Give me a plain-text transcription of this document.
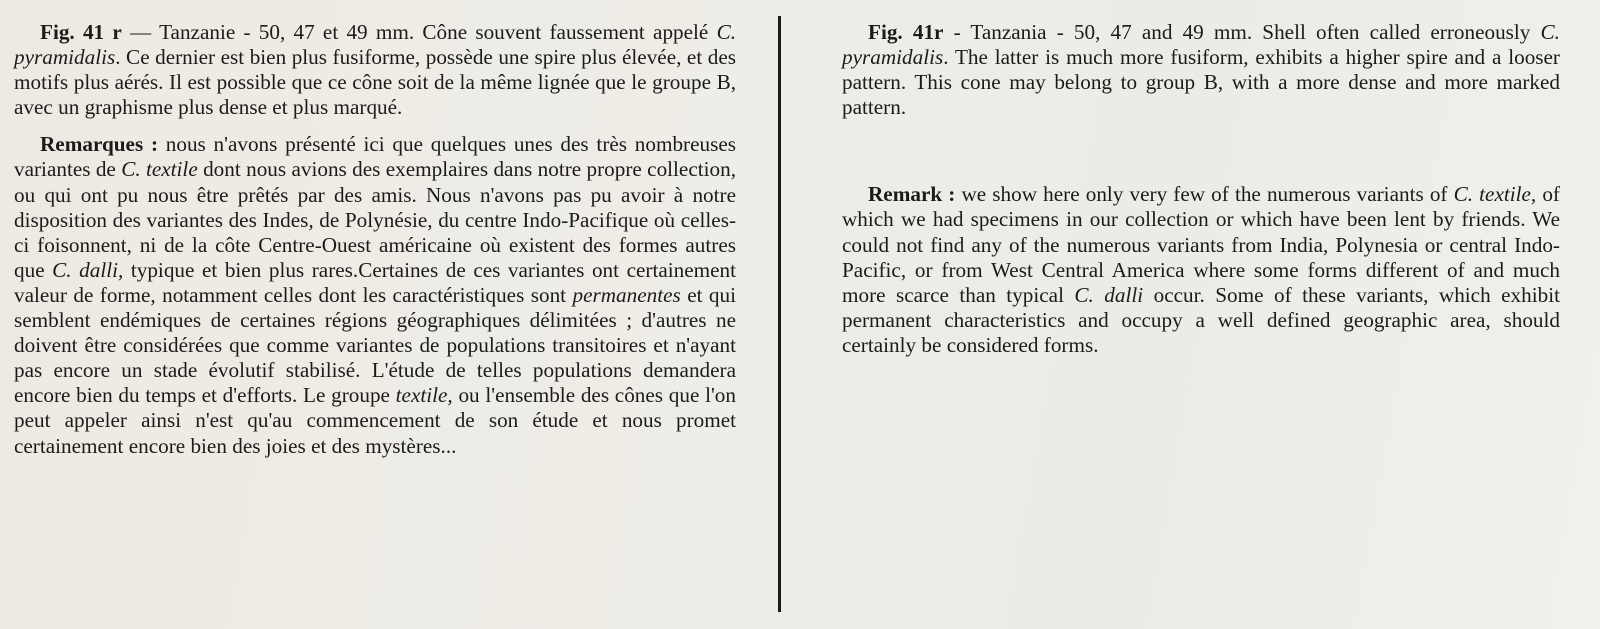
Fig. 41 r — Tanzanie - 50, 47 et 49 mm. Cône souvent faussement appelé C. pyramidalis. Ce dernier est bien plus fusiforme, possède une spire plus élevée, et des motifs plus aérés. Il est possible que ce cône soit de la même lignée que le groupe B, avec un graphisme plus dense et plus marqué.

Remarques : nous n'avons présenté ici que quelques unes des très nombreuses variantes de C. textile dont nous avions des exemplaires dans notre propre collection, ou qui ont pu nous être prêtés par des amis. Nous n'avons pas pu avoir à notre disposition des variantes des Indes, de Polynésie, du centre Indo-Pacifique où celles-ci foisonnent, ni de la côte Centre-Ouest américaine où existent des formes autres que C. dalli, typique et bien plus rares.Certaines de ces variantes ont certainement valeur de forme, notamment celles dont les caractéristiques sont permanentes et qui semblent endémiques de certaines régions géographiques délimitées ; d'autres ne doivent être considérées que comme variantes de populations transitoires et n'ayant pas encore un stade évolutif stabilisé. L'étude de telles populations demandera encore bien du temps et d'efforts. Le groupe textile, ou l'ensemble des cônes que l'on peut appeler ainsi n'est qu'au commencement de son étude et nous promet certainement encore bien des joies et des mystères...

Fig. 41r - Tanzania - 50, 47 and 49 mm. Shell often called erroneously C. pyramidalis. The latter is much more fusiform, exhibits a higher spire and a looser pattern. This cone may belong to group B, with a more dense and more marked pattern.

Remark : we show here only very few of the numerous variants of C. textile, of which we had specimens in our collection or which have been lent by friends. We could not find any of the numerous variants from India, Polynesia or central Indo-Pacific, or from West Central America where some forms different of and much more scarce than typical C. dalli occur. Some of these variants, which exhibit permanent characteristics and occupy a well defined geographic area, should certainly be considered forms.
